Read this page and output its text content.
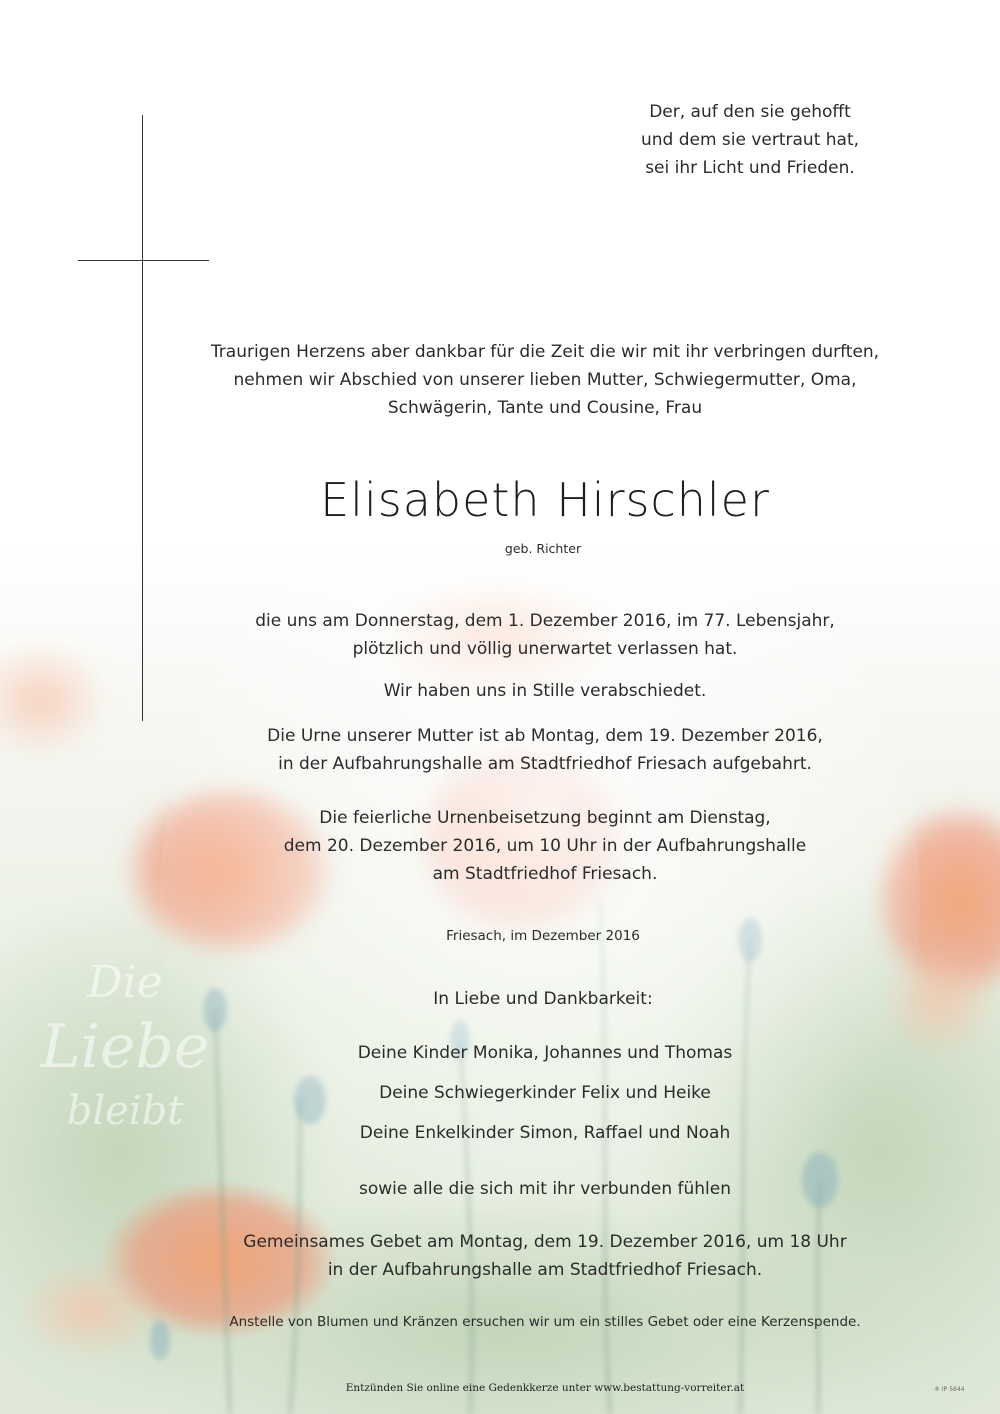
Die
Liebe
bleibt
Der, auf den sie gehofft
und dem sie vertraut hat,
sei ihr Licht und Frieden.
Traurigen Herzens aber dankbar für die Zeit die wir mit ihr verbringen durften,
nehmen wir Abschied von unserer lieben Mutter, Schwiegermutter, Oma,
Schwägerin, Tante und Cousine, Frau
Elisabeth Hirschler
geb. Richter
die uns am Donnerstag, dem 1. Dezember 2016, im 77. Lebensjahr,
plötzlich und völlig unerwartet verlassen hat.
Wir haben uns in Stille verabschiedet.
Die Urne unserer Mutter ist ab Montag, dem 19. Dezember 2016,
in der Aufbahrungshalle am Stadtfriedhof Friesach aufgebahrt.
Die feierliche Urnenbeisetzung beginnt am Dienstag,
dem 20. Dezember 2016, um 10 Uhr in der Aufbahrungshalle
am Stadtfriedhof Friesach.
Friesach, im Dezember 2016
In Liebe und Dankbarkeit:
Deine Kinder Monika, Johannes und Thomas
Deine Schwiegerkinder Felix und Heike
Deine Enkelkinder Simon, Raffael und Noah
sowie alle die sich mit ihr verbunden fühlen
Gemeinsames Gebet am Montag, dem 19. Dezember 2016, um 18 Uhr
in der Aufbahrungshalle am Stadtfriedhof Friesach.
Anstelle von Blumen und Kränzen ersuchen wir um ein stilles Gebet oder eine Kerzenspende.
Entzünden Sie online eine Gedenkkerze unter www.bestattung-vorreiter.at	® IP 5644
